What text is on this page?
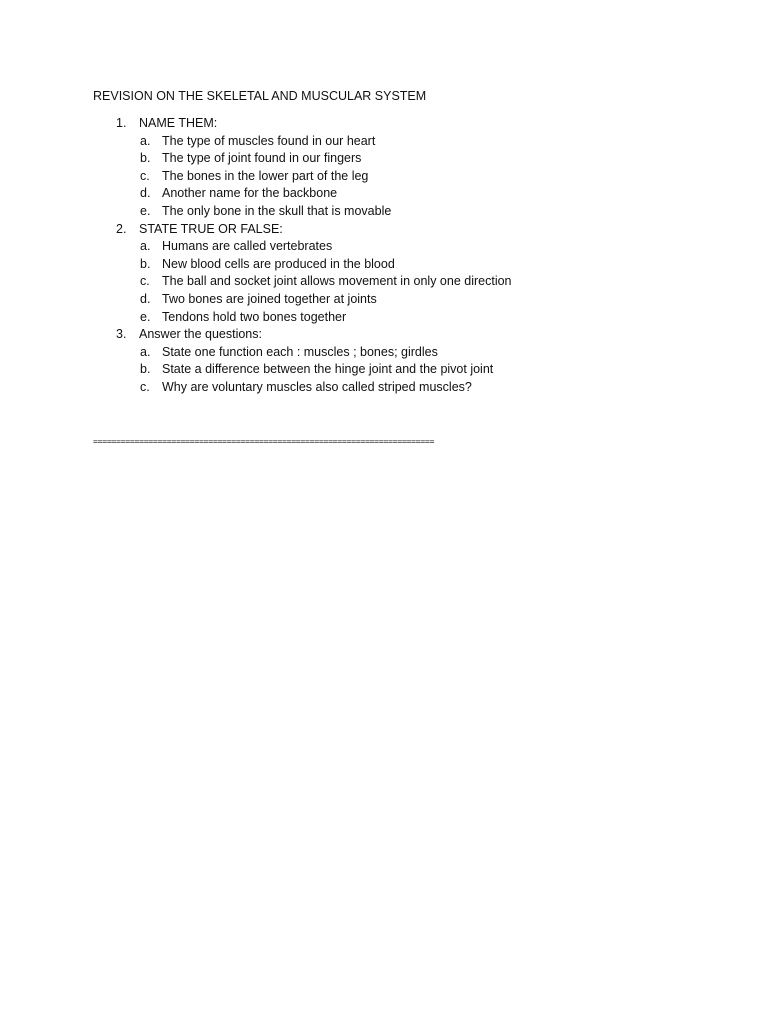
REVISION ON THE SKELETAL AND MUSCULAR SYSTEM
1.	NAME THEM:
a. The type of muscles found in our heart
b. The type of joint found in our fingers
c. The bones in the lower part of the leg
d. Another name for the backbone
e. The only bone in the skull that is movable
2.	STATE TRUE OR FALSE:
a. Humans are called vertebrates
b. New blood cells are produced in the blood
c. The ball and socket joint allows movement in only one direction
d. Two bones are joined together at joints
e. Tendons hold two bones together
3.	Answer the questions:
a. State one function each : muscles ; bones; girdles
b. State a difference between the hinge joint and the pivot joint
c. Why are voluntary muscles also called striped muscles?
==========================================================================
